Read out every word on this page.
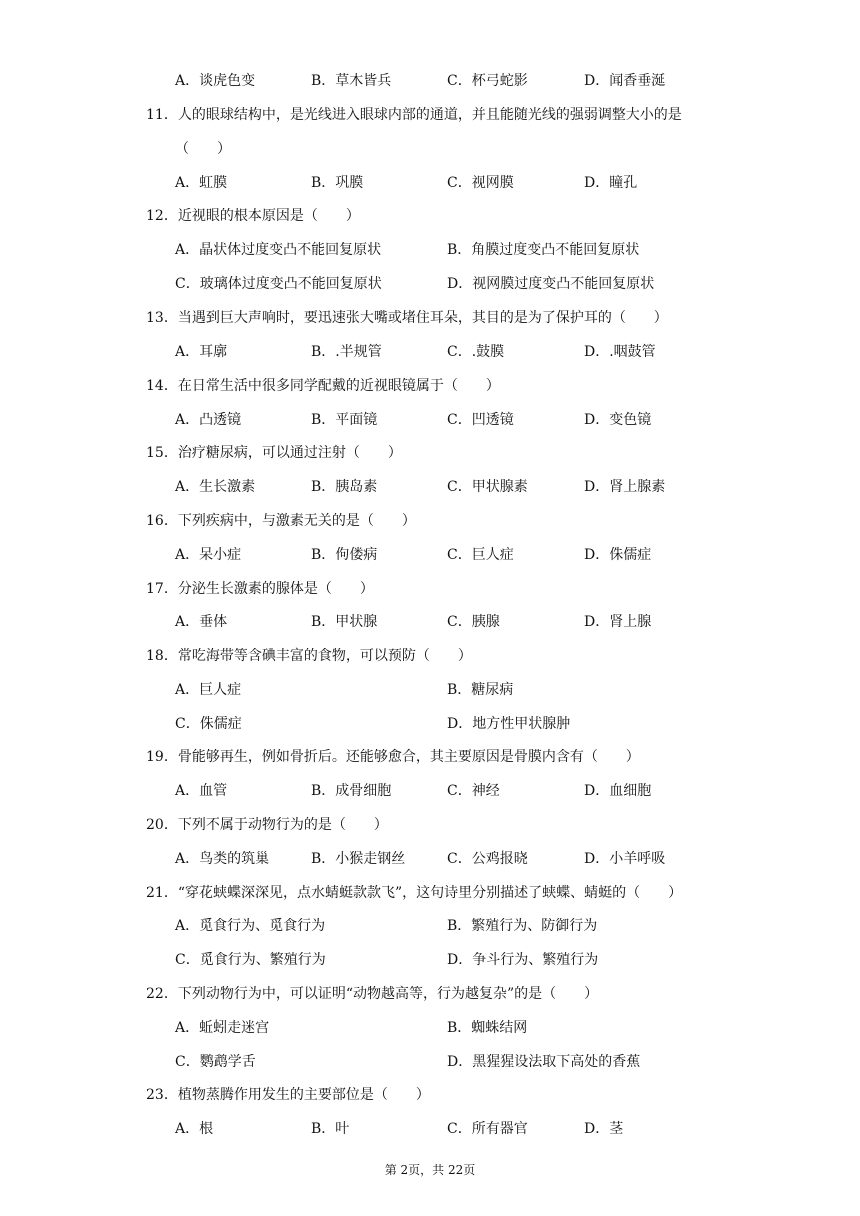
A．谈虎色变	B．草木皆兵	C．杯弓蛇影	D．闻香垂涎
11．人的眼球结构中，是光线进入眼球内部的通道，并且能随光线的强弱调整大小的是
（　　）
A．虹膜	B．巩膜	C．视网膜	D．瞳孔
12．近视眼的根本原因是（　　）
A．晶状体过度变凸不能回复原状	B．角膜过度变凸不能回复原状
C．玻璃体过度变凸不能回复原状	D．视网膜过度变凸不能回复原状
13．当遇到巨大声响时，要迅速张大嘴或堵住耳朵，其目的是为了保护耳的（　　）
A．耳廓	B．.半规管	C．.鼓膜	D．.咽鼓管
14．在日常生活中很多同学配戴的近视眼镜属于（　　）
A．凸透镜	B．平面镜	C．凹透镜	D．变色镜
15．治疗糖尿病，可以通过注射（　　）
A．生长激素	B．胰岛素	C．甲状腺素	D．肾上腺素
16．下列疾病中，与激素无关的是（　　）
A．呆小症	B．佝偻病	C．巨人症	D．侏儒症
17．分泌生长激素的腺体是（　　）
A．垂体	B．甲状腺	C．胰腺	D．肾上腺
18．常吃海带等含碘丰富的食物，可以预防（　　）
A．巨人症	B．糖尿病
C．侏儒症	D．地方性甲状腺肿
19．骨能够再生，例如骨折后。还能够愈合，其主要原因是骨膜内含有（　　）
A．血管	B．成骨细胞	C．神经	D．血细胞
20．下列不属于动物行为的是（　　）
A．鸟类的筑巢	B．小猴走钢丝	C．公鸡报晓	D．小羊呼吸
21．“穿花蛱蝶深深见，点水蜻蜓款款飞”，这句诗里分别描述了蛱蝶、蜻蜓的（　　）
A．觅食行为、觅食行为	B．繁殖行为、防御行为
C．觅食行为、繁殖行为	D．争斗行为、繁殖行为
22．下列动物行为中，可以证明“动物越高等，行为越复杂”的是（　　）
A．蚯蚓走迷宫	B．蜘蛛结网
C．鹦鹉学舌	D．黑猩猩设法取下高处的香蕉
23．植物蒸腾作用发生的主要部位是（　　）
A．根	B．叶	C．所有器官	D．茎
第 2页，共 22页
